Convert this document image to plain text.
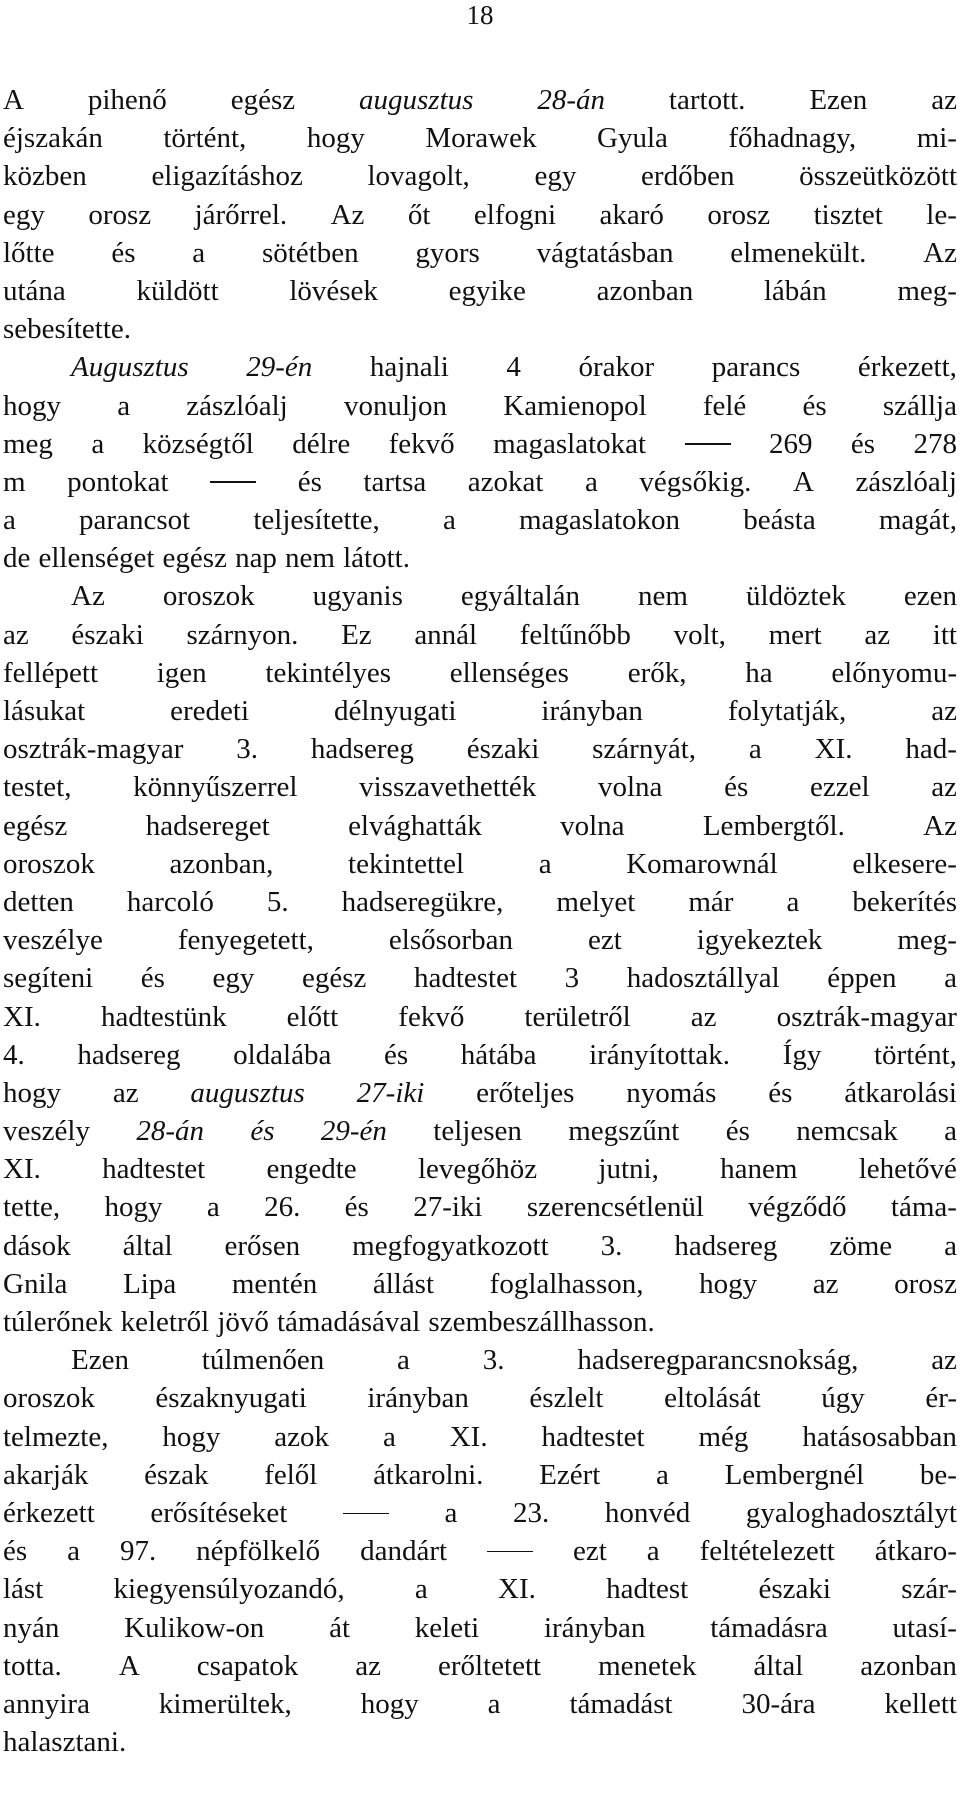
18
A pihenő egész augusztus 28-án tartott. Ezen az
éjszakán történt, hogy Morawek Gyula főhadnagy, mi-
közben eligazításhoz lovagolt, egy erdőben összeütközött
egy orosz járőrrel. Az őt elfogni akaró orosz tisztet le-
lőtte és a sötétben gyors vágtatásban elmenekült. Az
utána küldött lövések egyike azonban lábán meg-
sebesítette.
Augusztus 29-én hajnali 4 órakor parancs érkezett,
hogy a zászlóalj vonuljon Kamienopol felé és szállja
meg a községtől délre fekvő magaslatokat	269 és 278
m pontokat	és tartsa azokat a végsőkig. A zászlóalj
a parancsot teljesítette, a magaslatokon beásta magát,
de ellenséget egész nap nem látott.
Az oroszok ugyanis egyáltalán nem üldöztek ezen
az északi szárnyon. Ez annál feltűnőbb volt, mert az itt
fellépett igen tekintélyes ellenséges erők, ha előnyomu-
lásukat	eredeti	délnyugati	irányban	folytatják,	az
osztrák-magyar 3. hadsereg északi szárnyát, a XI. had-
testet, könnyűszerrel visszavethették volna és ezzel az
egész	hadsereget	elvághatták	volna	Lembergtől.	Az
oroszok	azonban,	tekintettel	a	Komarownál	elkesere-
detten harcoló 5. hadseregükre, melyet már a bekerítés
veszélye	fenyegetett,	elsősorban	ezt	igyekeztek	meg-
segíteni és egy egész hadtestet 3 hadosztállyal éppen a
XI. hadtestünk előtt fekvő területről az osztrák-magyar
4. hadsereg oldalába és hátába irányítottak. Így történt,
hogy az augusztus 27-iki erőteljes nyomás és átkarolási
veszély 28-án és 29-én teljesen megszűnt és nemcsak a
XI. hadtestet engedte levegőhöz jutni, hanem lehetővé
tette, hogy a 26. és 27-iki szerencsétlenül végződő táma-
dások által erősen megfogyatkozott 3. hadsereg zöme a
Gnila Lipa mentén állást foglalhasson, hogy az orosz
túlerőnek keletről jövő támadásával szembeszállhasson.
Ezen	túlmenően	a	3.	hadseregparancsnokság,	az
oroszok északnyugati irányban észlelt eltolását úgy ér-
telmezte, hogy azok a XI. hadtestet még hatásosabban
akarják észak felől átkarolni. Ezért a Lembergnél be-
érkezett erősítéseket	a 23. honvéd gyaloghadosztályt
és a 97. népfölkelő dandárt	ezt a feltételezett átkaro-
lást kiegyensúlyozandó, a XI. hadtest északi szár-
nyán Kulikow-on át keleti irányban támadásra utasí-
totta. A csapatok az erőltetett menetek által azonban
annyira kimerültek, hogy a támadást 30-ára kellett
halasztani.
